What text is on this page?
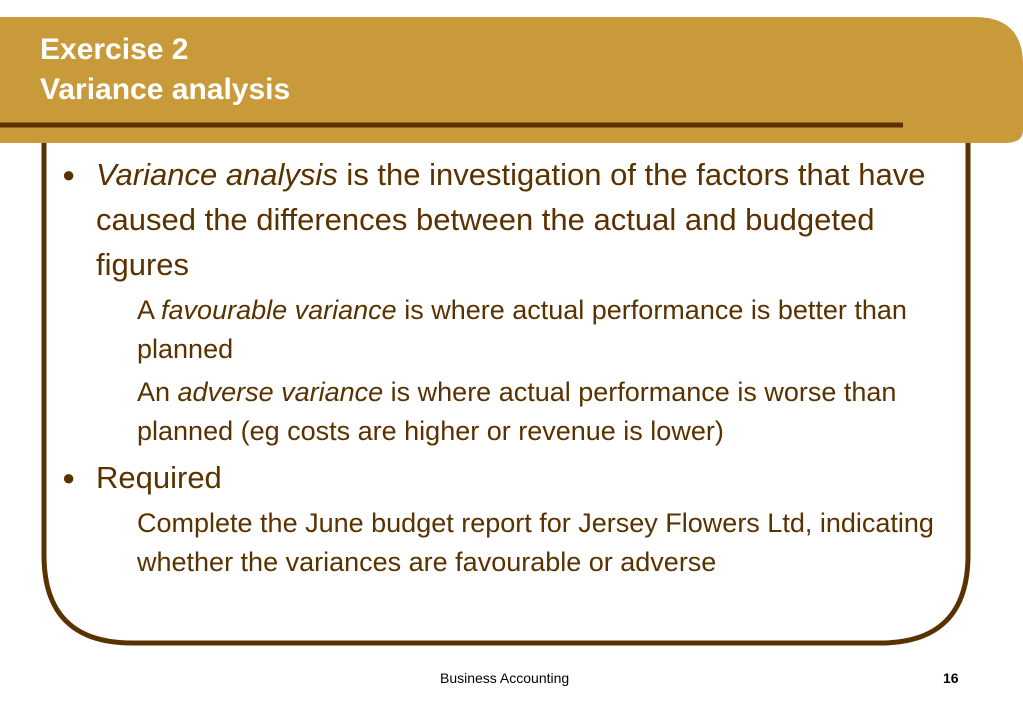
Exercise 2
Variance analysis
● Variance analysis is the investigation of the factors that have caused the differences between the actual and budgeted figures
A favourable variance is where actual performance is better than planned
An adverse variance is where actual performance is worse than planned (eg costs are higher or revenue is lower)
● Required
Complete the June budget report for Jersey Flowers Ltd, indicating whether the variances are favourable or adverse
Business Accounting	16
